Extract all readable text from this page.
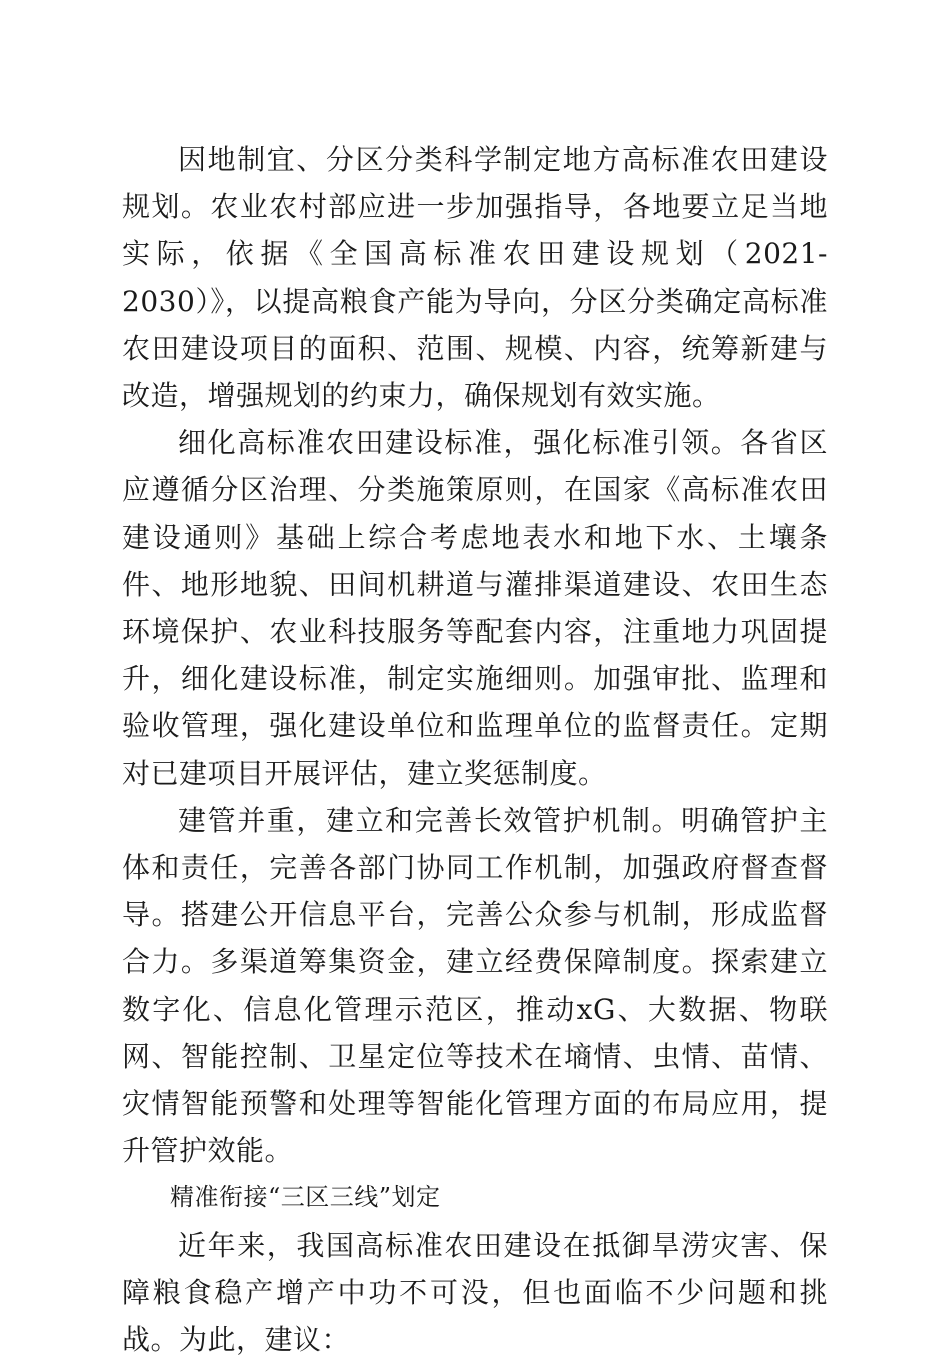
因地制宜、分区分类科学制定地方高标准农田建设规划。农业农村部应进一步加强指导，各地要立足当地实际，依据《全国高标准农田建设规划（2021-2030）》，以提高粮食产能为导向，分区分类确定高标准农田建设项目的面积、范围、规模、内容，统筹新建与改造，增强规划的约束力，确保规划有效实施。

细化高标准农田建设标准，强化标准引领。各省区应遵循分区治理、分类施策原则，在国家《高标准农田建设通则》基础上综合考虑地表水和地下水、土壤条件、地形地貌、田间机耕道与灌排渠道建设、农田生态环境保护、农业科技服务等配套内容，注重地力巩固提升，细化建设标准，制定实施细则。加强审批、监理和验收管理，强化建设单位和监理单位的监督责任。定期对已建项目开展评估，建立奖惩制度。

建管并重，建立和完善长效管护机制。明确管护主体和责任，完善各部门协同工作机制，加强政府督查督导。搭建公开信息平台，完善公众参与机制，形成监督合力。多渠道筹集资金，建立经费保障制度。探索建立数字化、信息化管理示范区，推动xG、大数据、物联网、智能控制、卫星定位等技术在墒情、虫情、苗情、灾情智能预警和处理等智能化管理方面的布局应用，提升管护效能。

精准衔接“三区三线”划定

近年来，我国高标准农田建设在抵御旱涝灾害、保障粮食稳产增产中功不可没，但也面临不少问题和挑战。为此，建议：
